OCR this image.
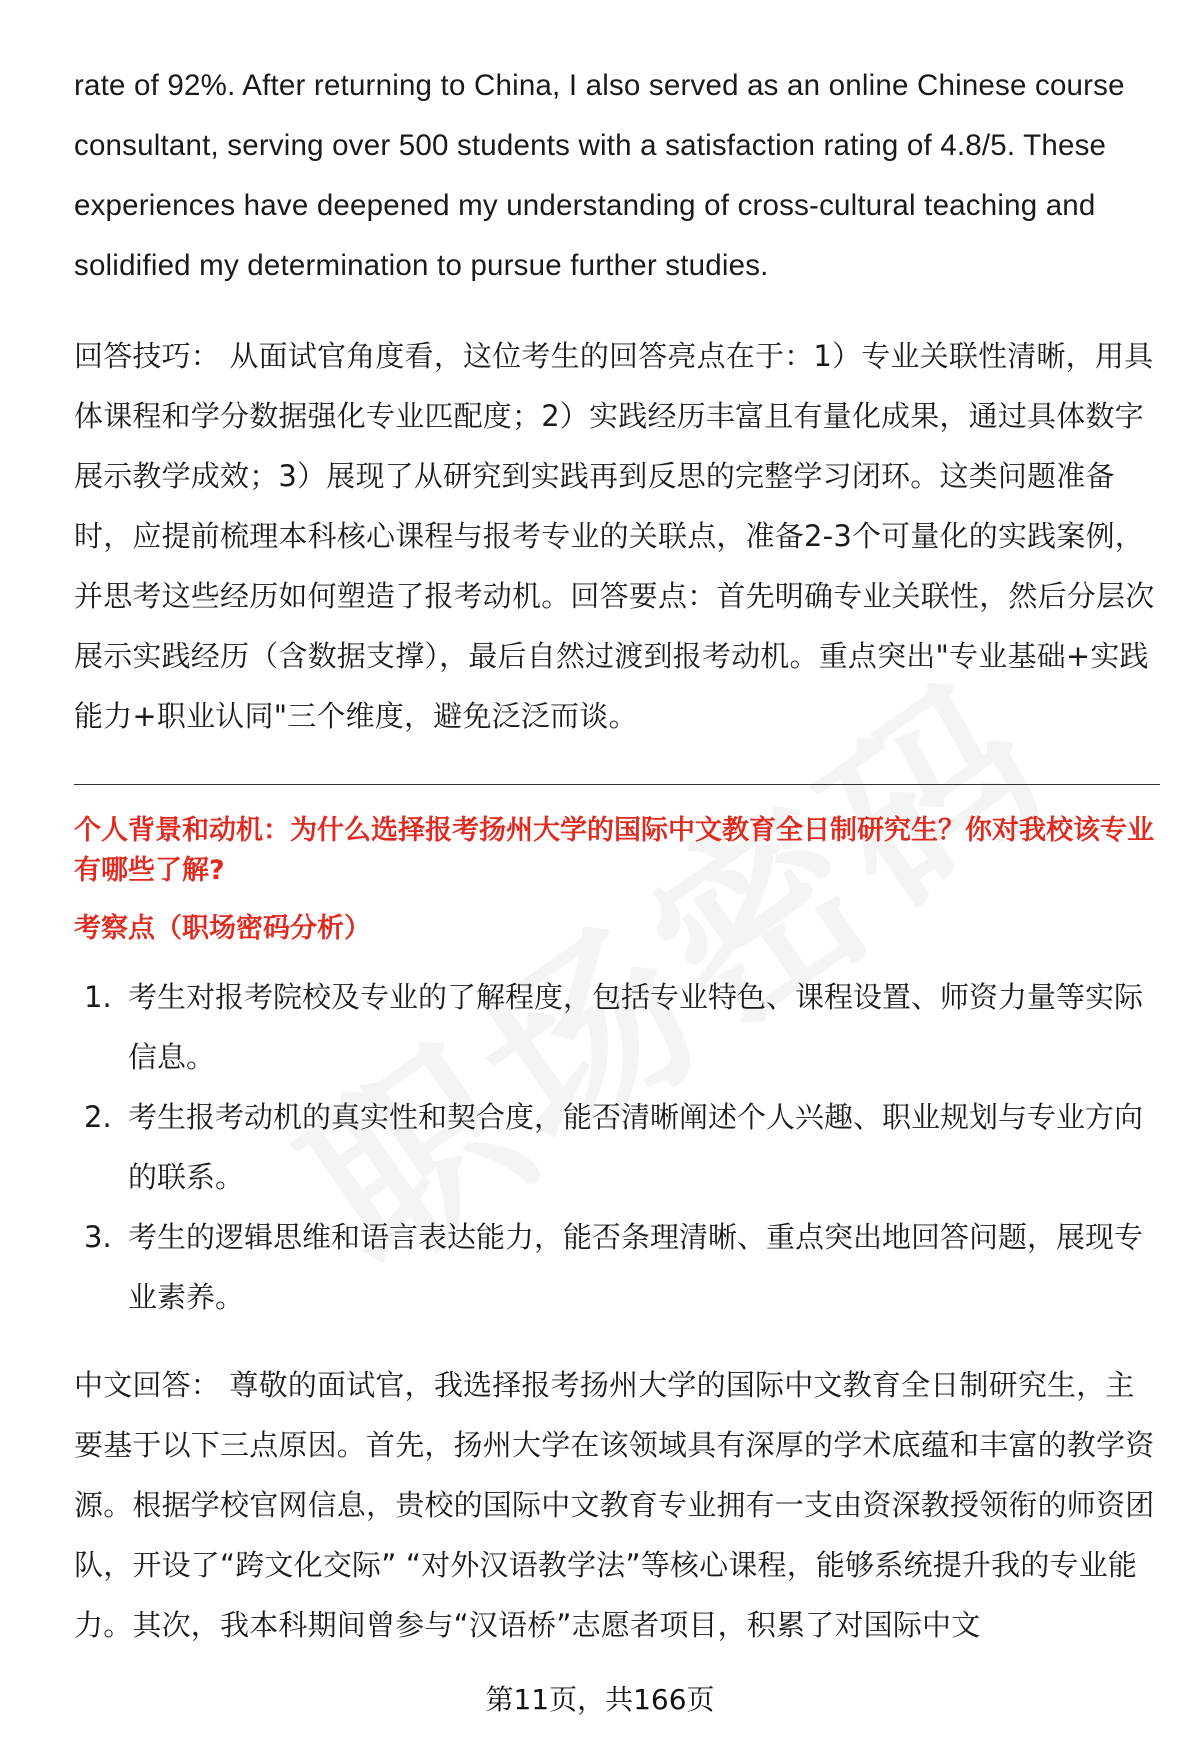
rate of 92%. After returning to China, I also served as an online Chinese course consultant, serving over 500 students with a satisfaction rating of 4.8/5. These experiences have deepened my understanding of cross-cultural teaching and solidified my determination to pursue further studies.

回答技巧： 从面试官角度看，这位考生的回答亮点在于：1）专业关联性清晰，用具体课程和学分数据强化专业匹配度；2）实践经历丰富且有量化成果，通过具体数字展示教学成效；3）展现了从研究到实践再到反思的完整学习闭环。这类问题准备时，应提前梳理本科核心课程与报考专业的关联点，准备2-3个可量化的实践案例，并思考这些经历如何塑造了报考动机。回答要点：首先明确专业关联性，然后分层次展示实践经历（含数据支撑），最后自然过渡到报考动机。重点突出"专业基础+实践能力+职业认同"三个维度，避免泛泛而谈。

个人背景和动机：为什么选择报考扬州大学的国际中文教育全日制研究生？你对我校该专业有哪些了解?
考察点（职场密码分析）
1. 考生对报考院校及专业的了解程度，包括专业特色、课程设置、师资力量等实际信息。
2. 考生报考动机的真实性和契合度，能否清晰阐述个人兴趣、职业规划与专业方向的联系。
3. 考生的逻辑思维和语言表达能力，能否条理清晰、重点突出地回答问题，展现专业素养。

中文回答： 尊敬的面试官，我选择报考扬州大学的国际中文教育全日制研究生，主要基于以下三点原因。首先，扬州大学在该领域具有深厚的学术底蕴和丰富的教学资源。根据学校官网信息，贵校的国际中文教育专业拥有一支由资深教授领衔的师资团队，开设了“跨文化交际” “对外汉语教学法”等核心课程，能够系统提升我的专业能力。其次，我本科期间曾参与“汉语桥”志愿者项目，积累了对国际中文

第11页，共166页
